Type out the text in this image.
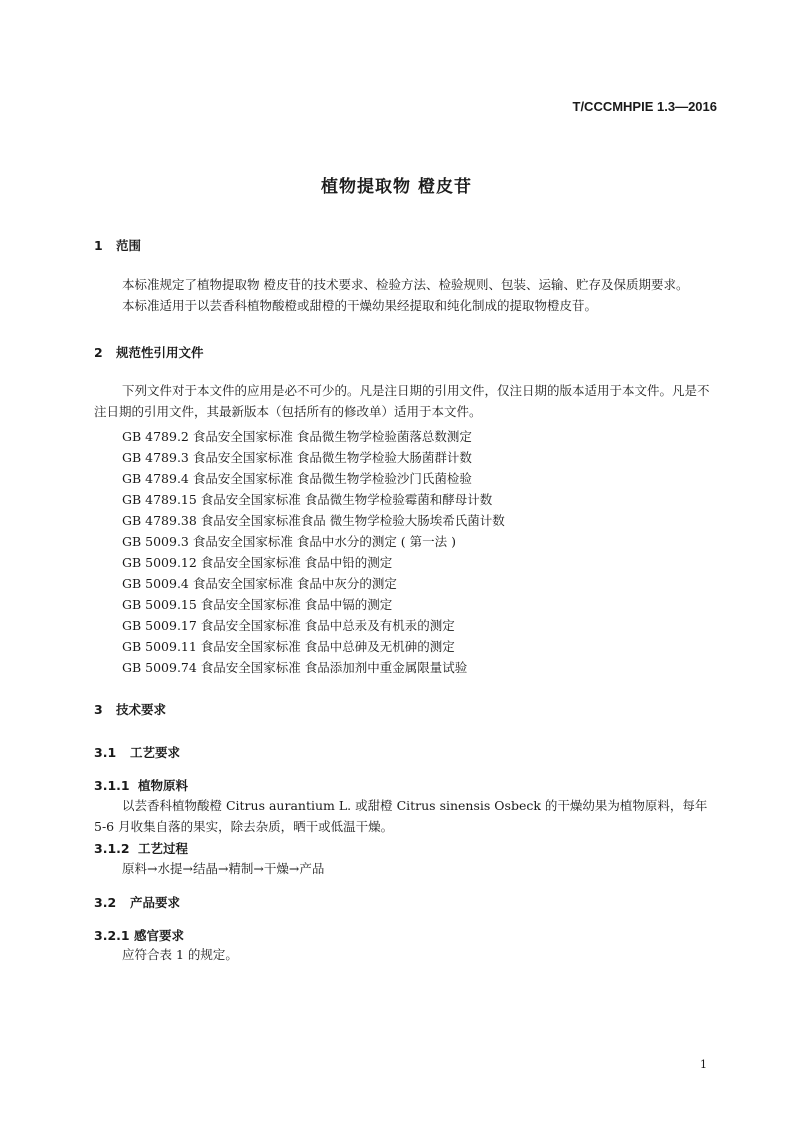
T/CCCMHPIE 1.3—2016
植物提取物 橙皮苷
1 范围
本标准规定了植物提取物 橙皮苷的技术要求、检验方法、检验规则、包装、运输、贮存及保质期要求。
本标准适用于以芸香科植物酸橙或甜橙的干燥幼果经提取和纯化制成的提取物橙皮苷。
2 规范性引用文件
下列文件对于本文件的应用是必不可少的。凡是注日期的引用文件，仅注日期的版本适用于本文件。凡是不注日期的引用文件，其最新版本（包括所有的修改单）适用于本文件。
GB 4789.2 食品安全国家标准 食品微生物学检验菌落总数测定
GB 4789.3 食品安全国家标准 食品微生物学检验大肠菌群计数
GB 4789.4 食品安全国家标准 食品微生物学检验沙门氏菌检验
GB 4789.15 食品安全国家标准 食品微生物学检验霉菌和酵母计数
GB 4789.38 食品安全国家标准食品 微生物学检验大肠埃希氏菌计数
GB 5009.3 食品安全国家标准 食品中水分的测定 ( 第一法 )
GB 5009.12 食品安全国家标准 食品中铅的测定
GB 5009.4 食品安全国家标准 食品中灰分的测定
GB 5009.15 食品安全国家标准 食品中镉的测定
GB 5009.17 食品安全国家标准 食品中总汞及有机汞的测定
GB 5009.11 食品安全国家标准 食品中总砷及无机砷的测定
GB 5009.74 食品安全国家标准 食品添加剂中重金属限量试验
3 技术要求
3.1 工艺要求
3.1.1 植物原料
以芸香科植物酸橙 Citrus aurantium L. 或甜橙 Citrus sinensis Osbeck 的干燥幼果为植物原料，每年 5-6 月收集自落的果实，除去杂质，晒干或低温干燥。
3.1.2 工艺过程
原料→水提→结晶→精制→干燥→产品
3.2 产品要求
3.2.1 感官要求
应符合表 1 的规定。
1
